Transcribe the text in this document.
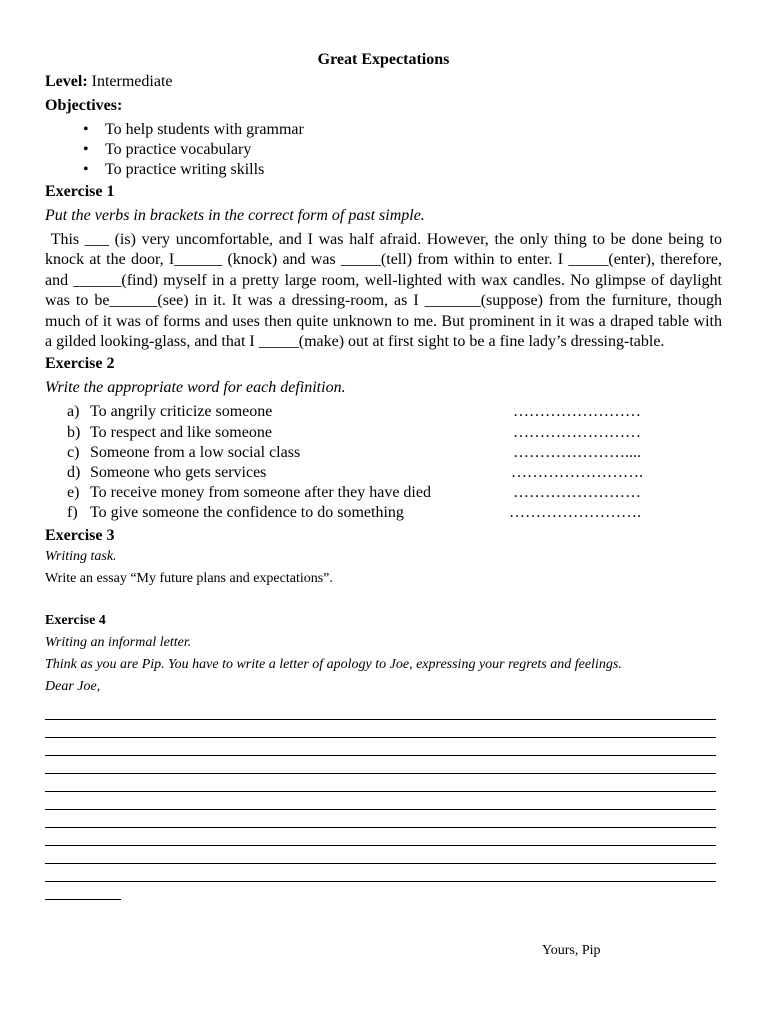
Great Expectations

Level: Intermediate

Objectives:

• To help students with grammar
• To practice vocabulary
• To practice writing skills

Exercise 1

Put the verbs in brackets in the correct form of past simple.

This ___ (is) very uncomfortable, and I was half afraid. However, the only thing to be done being to knock at the door, I______ (knock) and was _____(tell) from within to enter. I _____(enter), therefore, and ______(find) myself in a pretty large room, well-lighted with wax candles. No glimpse of daylight was to be______(see) in it. It was a dressing-room, as I _______(suppose) from the furniture, though much of it was of forms and uses then quite unknown to me. But prominent in it was a draped table with a gilded looking-glass, and that I _____(make) out at first sight to be a fine lady’s dressing-table.

Exercise 2

Write the appropriate word for each definition.

a) To angrily criticize someone	……………………
b) To respect and like someone	……………………
c) Someone from a low social class	…………………....
d) Someone who gets services	…………………….
e) To receive money from someone after they have died	……………………
f) To give someone the confidence to do something	…………………….

Exercise 3

Writing task.

Write an essay “My future plans and expectations”.

Exercise 4

Writing an informal letter.

Think as you are Pip. You have to write a letter of apology to Joe, expressing your regrets and feelings.

Dear Joe,

Yours, Pip
